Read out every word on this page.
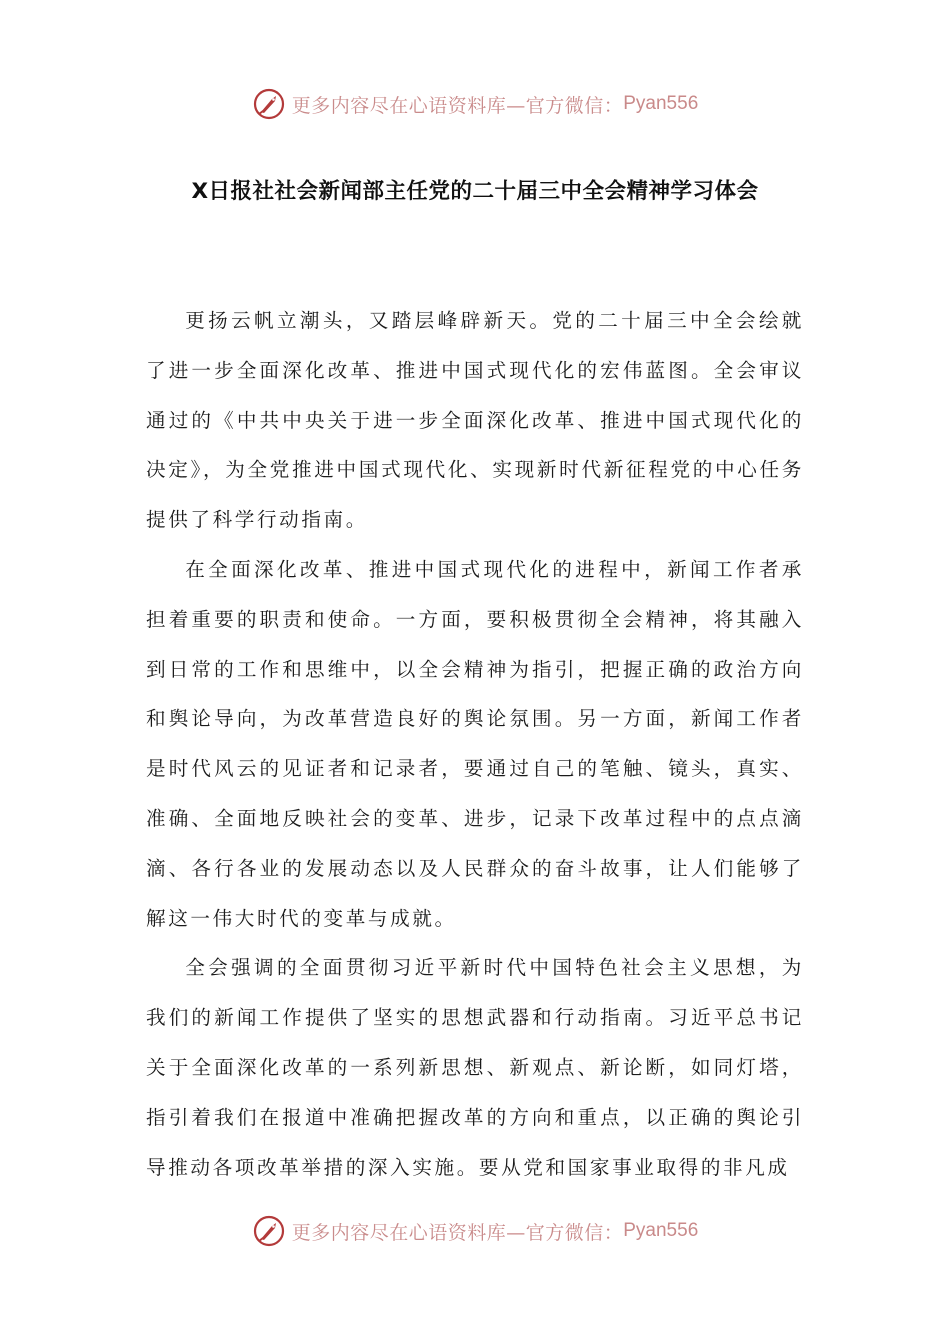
更多内容尽在心语资料库—官方微信： Pyan556
X日报社社会新闻部主任党的二十届三中全会精神学习体会

更扬云帆立潮头，又踏层峰辟新天。党的二十届三中全会绘就了进一步全面深化改革、推进中国式现代化的宏伟蓝图。全会审议通过的《中共中央关于进一步全面深化改革、推进中国式现代化的决定》，为全党推进中国式现代化、实现新时代新征程党的中心任务提供了科学行动指南。

在全面深化改革、推进中国式现代化的进程中，新闻工作者承担着重要的职责和使命。一方面，要积极贯彻全会精神，将其融入到日常的工作和思维中，以全会精神为指引，把握正确的政治方向和舆论导向，为改革营造良好的舆论氛围。另一方面，新闻工作者是时代风云的见证者和记录者，要通过自己的笔触、镜头，真实、准确、全面地反映社会的变革、进步，记录下改革过程中的点点滴滴、各行各业的发展动态以及人民群众的奋斗故事，让人们能够了解这一伟大时代的变革与成就。

全会强调的全面贯彻习近平新时代中国特色社会主义思想，为我们的新闻工作提供了坚实的思想武器和行动指南。习近平总书记关于全面深化改革的一系列新思想、新观点、新论断，如同灯塔，指引着我们在报道中准确把握改革的方向和重点，以正确的舆论引导推动各项改革举措的深入实施。要从党和国家事业取得的非凡成

更多内容尽在心语资料库—官方微信： Pyan556
